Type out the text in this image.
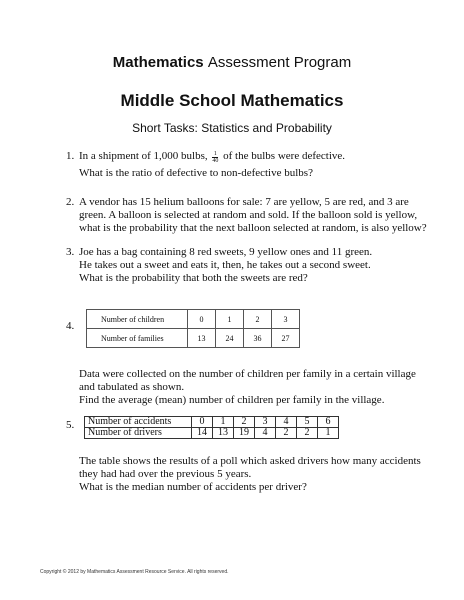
Mathematics Assessment Program
Middle School Mathematics
Short Tasks: Statistics and Probability
1. In a shipment of 1,000 bulbs, $\frac{1}{40}$ of the bulbs were defective.
What is the ratio of defective to non-defective bulbs?
2. A vendor has 15 helium balloons for sale: 7 are yellow, 5 are red, and 3 are
green. A balloon is selected at random and sold. If the balloon sold is yellow,
what is the probability that the next balloon selected at random, is also yellow?
3. Joe has a bag containing 8 red sweets, 9 yellow ones and 11 green.
He takes out a sweet and eats it, then, he takes out a second sweet.
What is the probability that both the sweets are red?
4.
Number of children	0	1	2	3
Number of families	13	24	36	27
Data were collected on the number of children per family in a certain village
and tabulated as shown.
Find the average (mean) number of children per family in the village.
5. Number of accidents	0	1	2	3	4	5	6
Number of drivers	14	13	19	4	2	2	1
The table shows the results of a poll which asked drivers how many accidents
they had had over the previous 5 years.
What is the median number of accidents per driver?
Copyright © 2012 by Mathematics Assessment Resource Service. All rights reserved.
